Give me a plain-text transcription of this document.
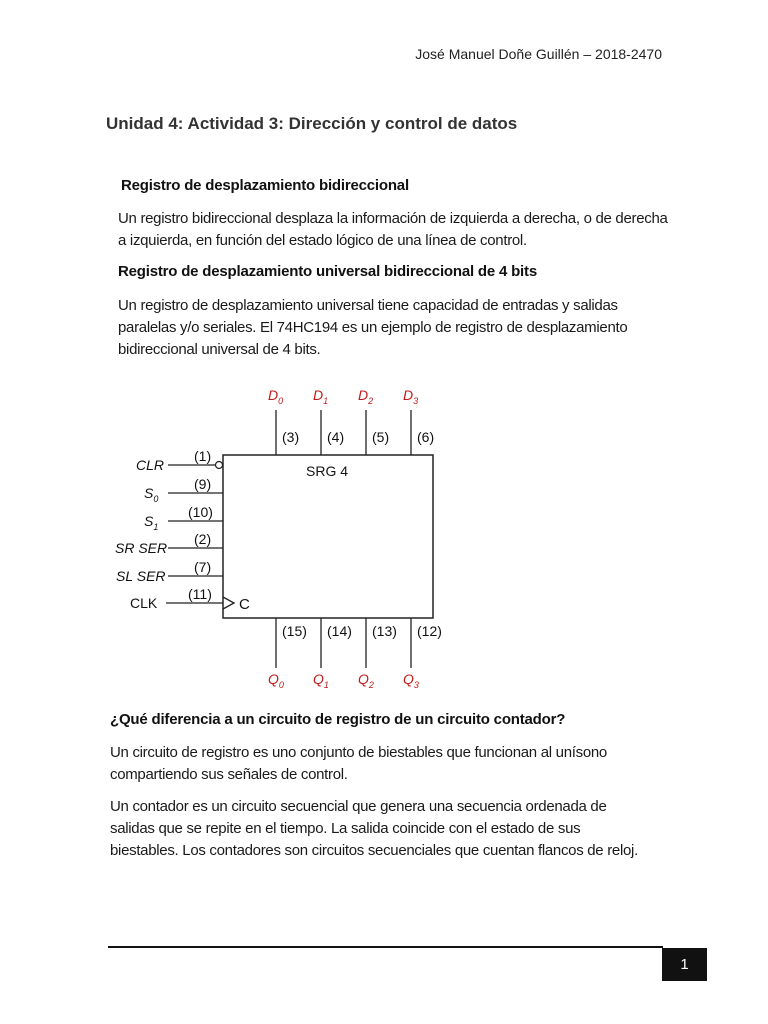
José Manuel Doñe Guillén – 2018-2470
Unidad 4: Actividad 3: Dirección y control de datos
Registro de desplazamiento bidireccional
Un registro bidireccional desplaza la información de izquierda a derecha, o de derecha a izquierda, en función del estado lógico de una línea de control.
Registro de desplazamiento universal bidireccional de 4 bits
Un registro de desplazamiento universal tiene capacidad de entradas y salidas paralelas y/o seriales. El 74HC194 es un ejemplo de registro de desplazamiento bidireccional universal de 4 bits.
SRG 4
$D_0$
(3)
$D_1$
(4)
$D_2$
(5)
$D_3$
(6)
$Q_0$
(15)
$Q_1$
(14)
$Q_2$
(13)
$Q_3$
(12)
CLR
(1)
$S_0$
(9)
$S_1$
(10)
SR SER
(2)
SL SER
(7)
CLK
(11)
C
¿Qué diferencia a un circuito de registro de un circuito contador?
Un circuito de registro es uno conjunto de biestables que funcionan al unísono compartiendo sus señales de control.
Un contador es un circuito secuencial que genera una secuencia ordenada de salidas que se repite en el tiempo. La salida coincide con el estado de sus biestables. Los contadores son circuitos secuenciales que cuentan flancos de reloj.
1
